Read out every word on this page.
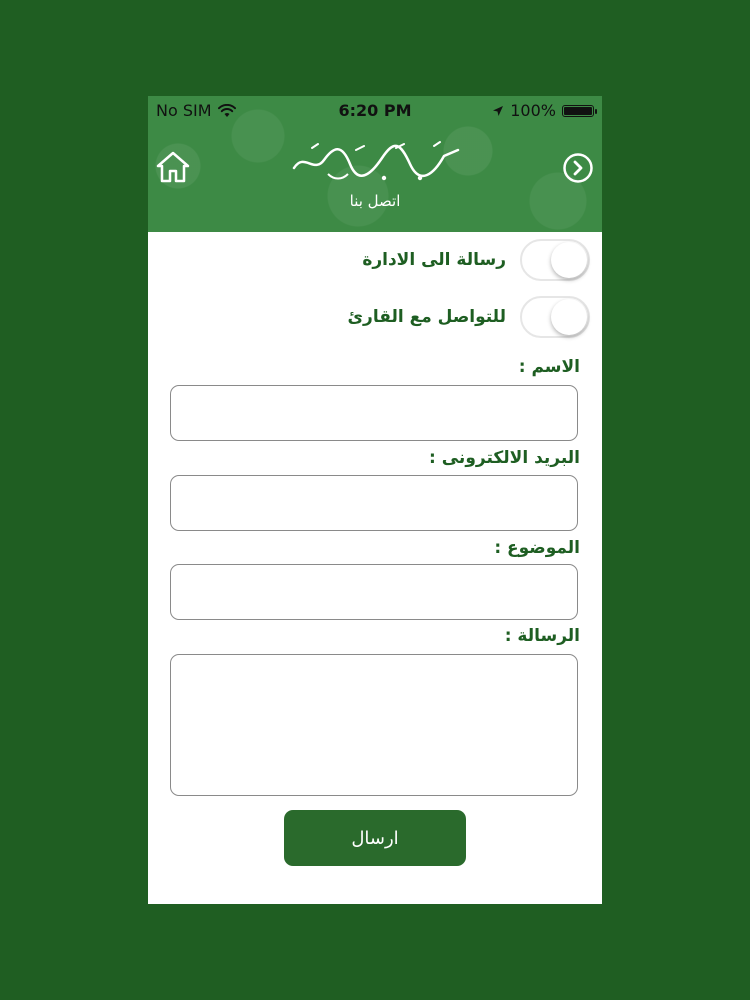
No SIM	6:20 PM	100%
اتصل بنا
رسالة الى الادارة
للتواصل مع القارئ
الاسم :
البريد الالكترونى :
الموضوع :
الرسالة :
ارسال
